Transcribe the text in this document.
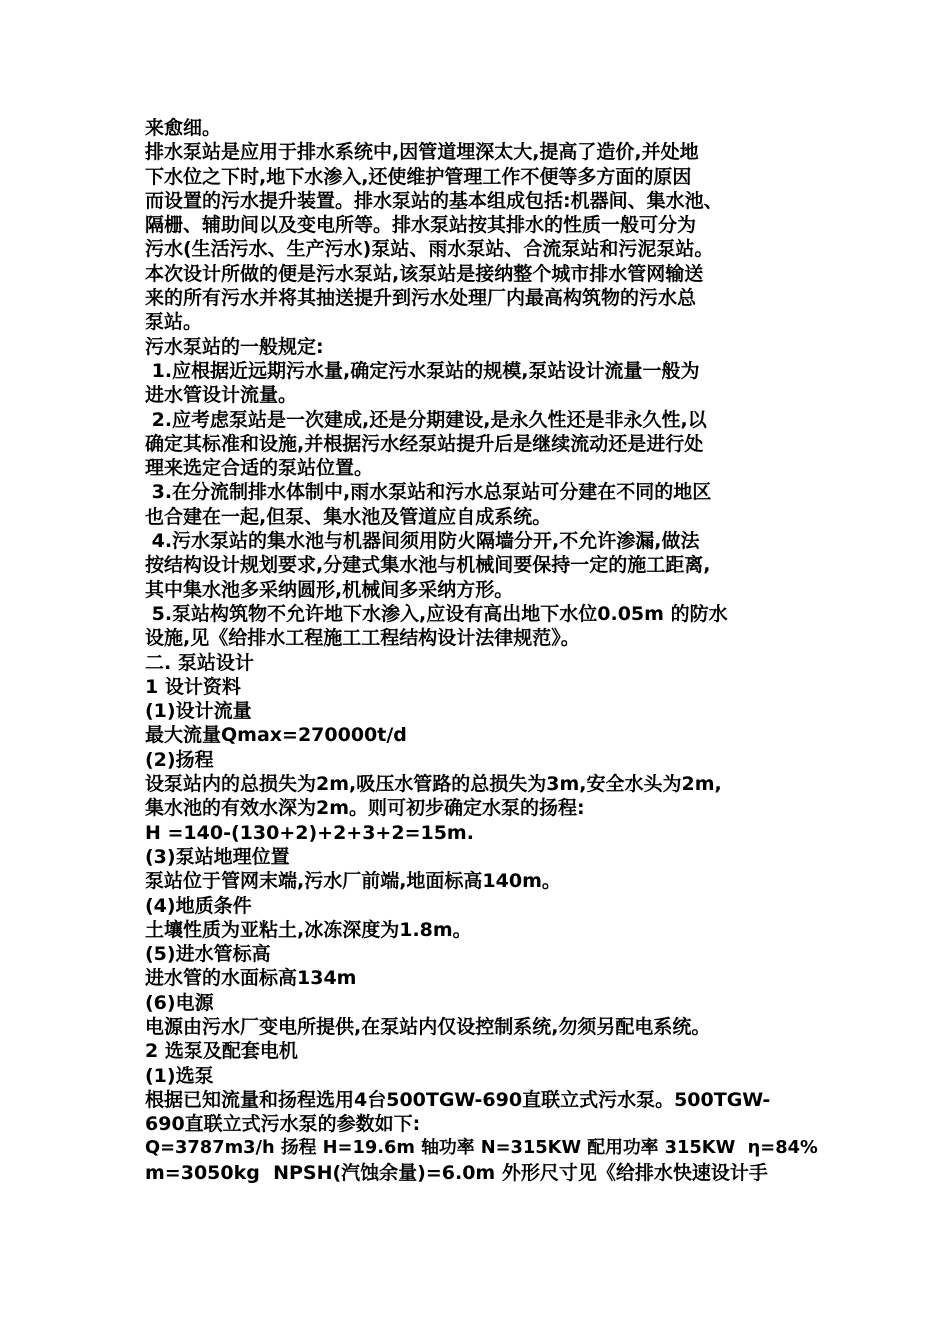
来愈细。
排水泵站是应用于排水系统中,因管道埋深太大,提高了造价,并处地
下水位之下时,地下水渗入,还使维护管理工作不便等多方面的原因
而设置的污水提升装置。排水泵站的基本组成包括:机器间、集水池、
隔栅、辅助间以及变电所等。排水泵站按其排水的性质一般可分为
污水(生活污水、生产污水)泵站、雨水泵站、合流泵站和污泥泵站。
本次设计所做的便是污水泵站,该泵站是接纳整个城市排水管网输送
来的所有污水并将其抽送提升到污水处理厂内最高构筑物的污水总
泵站。
污水泵站的一般规定:
1.应根据近远期污水量,确定污水泵站的规模,泵站设计流量一般为
进水管设计流量。
2.应考虑泵站是一次建成,还是分期建设,是永久性还是非永久性,以
确定其标准和设施,并根据污水经泵站提升后是继续流动还是进行处
理来选定合适的泵站位置。
3.在分流制排水体制中,雨水泵站和污水总泵站可分建在不同的地区
也合建在一起,但泵、集水池及管道应自成系统。
4.污水泵站的集水池与机器间须用防火隔墙分开,不允许渗漏,做法
按结构设计规划要求,分建式集水池与机械间要保持一定的施工距离,
其中集水池多采纳圆形,机械间多采纳方形。
5.泵站构筑物不允许地下水渗入,应设有高出地下水位0.05m 的防水
设施,见《给排水工程施工工程结构设计法律规范》。
二. 泵站设计
1 设计资料
(1)设计流量
最大流量Qmax=270000t/d
(2)扬程
设泵站内的总损失为2m,吸压水管路的总损失为3m,安全水头为2m,
集水池的有效水深为2m。则可初步确定水泵的扬程:
H =140-(130+2)+2+3+2=15m.
(3)泵站地理位置
泵站位于管网末端,污水厂前端,地面标高140m。
(4)地质条件
土壤性质为亚粘土,冰冻深度为1.8m。
(5)进水管标高
进水管的水面标高134m
(6)电源
电源由污水厂变电所提供,在泵站内仅设控制系统,勿须另配电系统。
2 选泵及配套电机
(1)选泵
根据已知流量和扬程选用4台500TGW-690直联立式污水泵。500TGW-
690直联立式污水泵的参数如下:
Q=3787m3/h 扬程 H=19.6m 轴功率 N=315KW 配用功率 315KW  η=84%
m=3050kg  NPSH(汽蚀余量)=6.0m 外形尺寸见《给排水快速设计手
